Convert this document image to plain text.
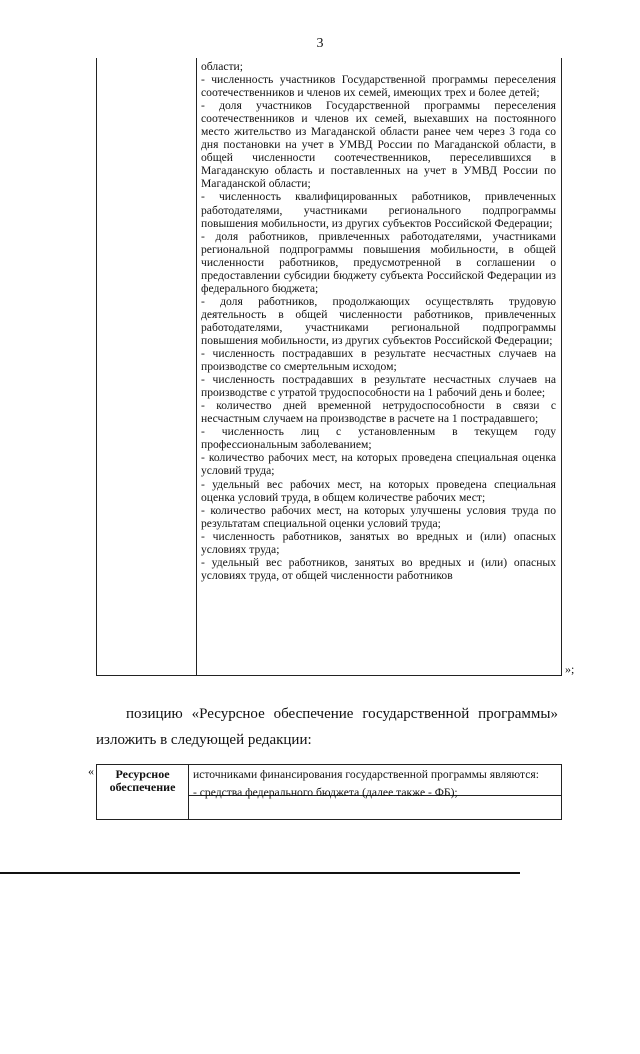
3

области;

- численность участников Государственной программы переселения соотечественников и членов их семей, имеющих трех и более детей;

- доля участников Государственной программы переселения соотечественников и членов их семей, выехавших на постоянного место жительство из Магаданской области ранее чем через 3 года со дня постановки на учет в УМВД России по Магаданской области, в общей численности соотечественников, переселившихся в Магаданскую область и поставленных на учет в УМВД России по Магаданской области;

- численность квалифицированных работников, привлеченных работодателями, участниками регионального подпрограммы повышения мобильности, из других субъектов Российской Федерации;

- доля работников, привлеченных работодателями, участниками региональной подпрограммы повышения мобильности, в общей численности работников, предусмотренной в соглашении о предоставлении субсидии бюджету субъекта Российской Федерации из федерального бюджета;

- доля работников, продолжающих осуществлять трудовую деятельность в общей численности работников, привлеченных работодателями, участниками региональной подпрограммы повышения мобильности, из других субъектов Российской Федерации;

- численность пострадавших в результате несчастных случаев на производстве со смертельным исходом;

- численность пострадавших в результате несчастных случаев на производстве с утратой трудоспособности на 1 рабочий день и более;

- количество дней временной нетрудоспособности в связи с несчастным случаем на производстве в расчете на 1 пострадавшего;

- численность лиц с установленным в текущем году профессиональным заболеванием;

- количество рабочих мест, на которых проведена специальная оценка условий труда;

- удельный вес рабочих мест, на которых проведена специальная оценка условий труда, в общем количестве рабочих мест;

- количество рабочих мест, на которых улучшены условия труда по результатам специальной оценки условий труда;

- численность работников, занятых во вредных и (или) опасных условиях труда;

- удельный вес работников, занятых во вредных и (или) опасных условиях труда, от общей численности работников

»;
позицию «Ресурсное обеспечение государственной программы»
изложить в следующей редакции:
«	Ресурсное обеспечение

источниками финансирования государственной программы являются:

- средства федерального бюджета (далее также - ФБ);
